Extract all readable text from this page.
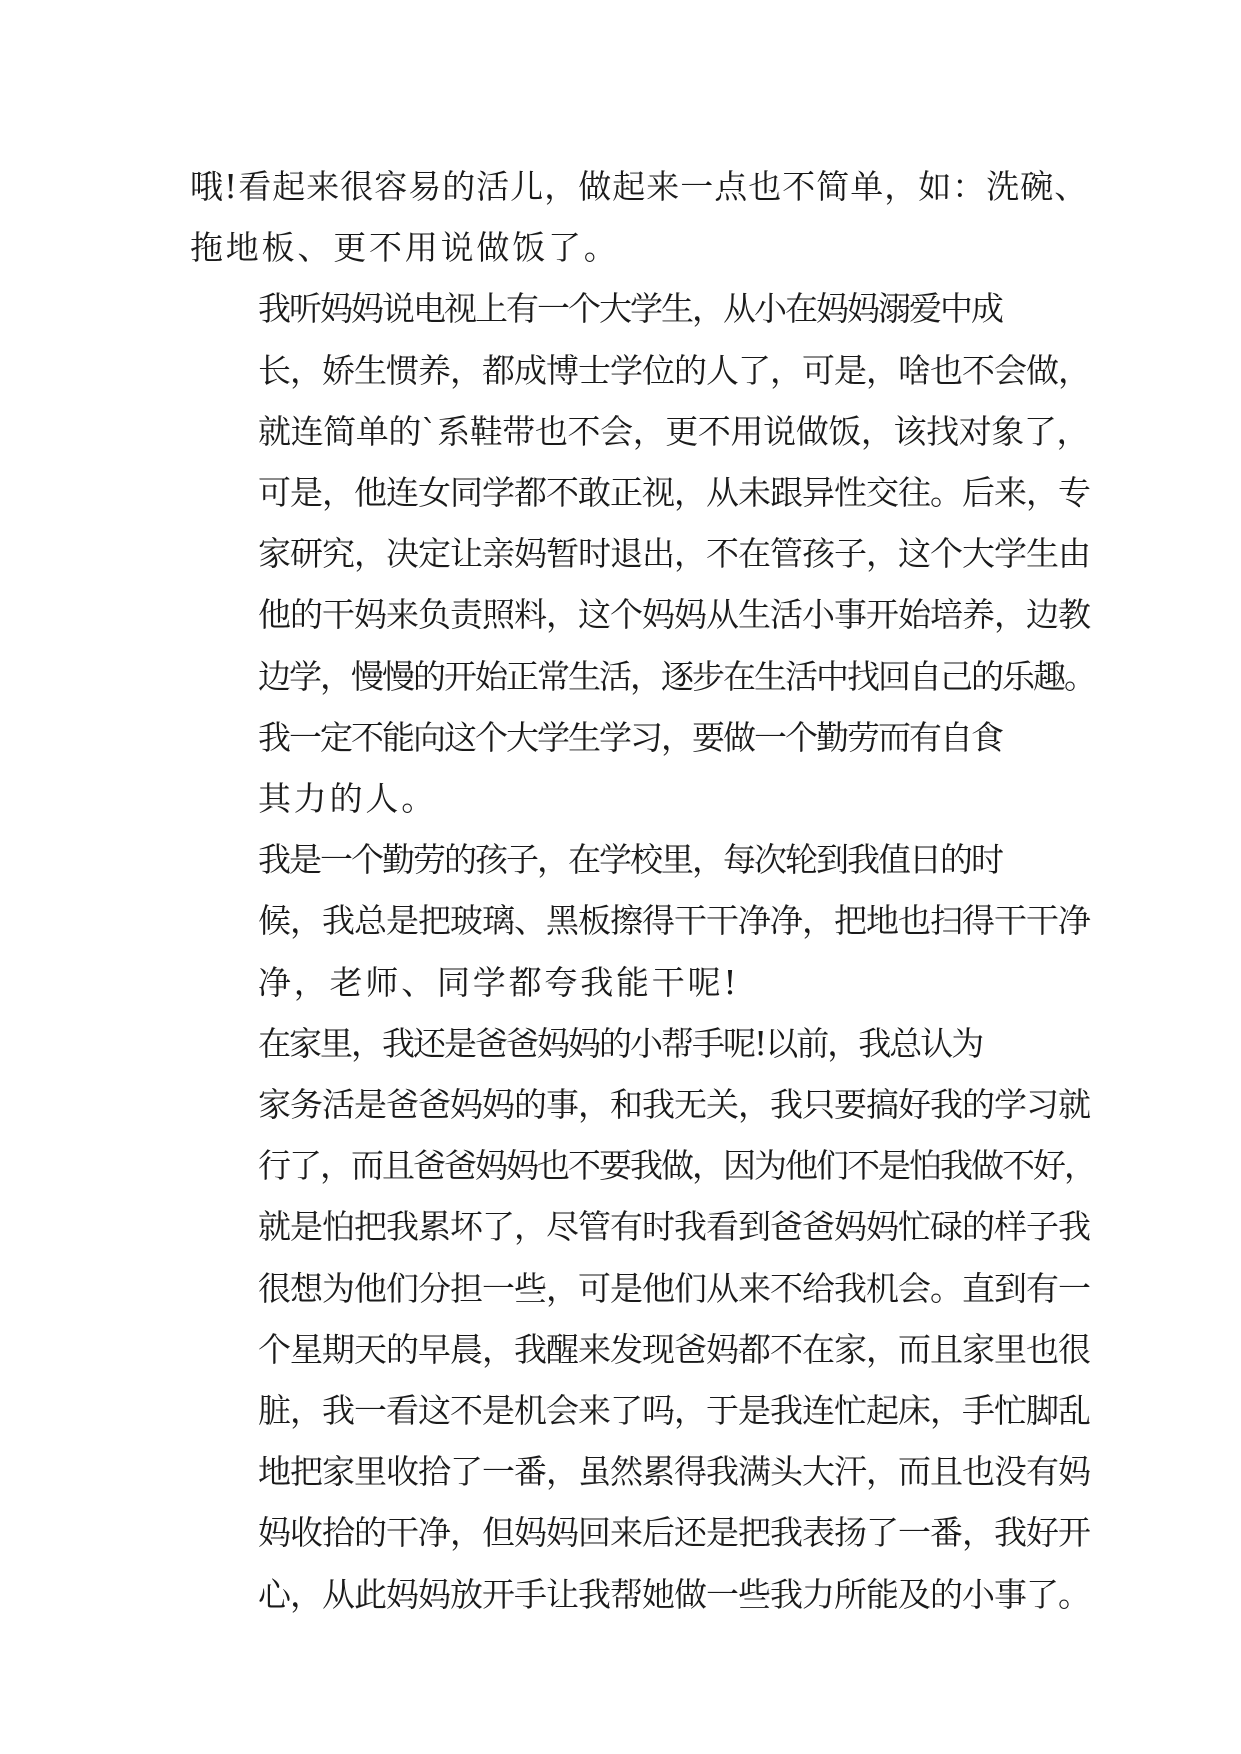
哦!看起来很容易的活儿，做起来一点也不简单，如：洗碗、
拖地板、更不用说做饭了。

我听妈妈说电视上有一个大学生，从小在妈妈溺爱中成
长，娇生惯养，都成博士学位的人了，可是，啥也不会做，
就连简单的`系鞋带也不会，更不用说做饭，该找对象了，
可是，他连女同学都不敢正视，从未跟异性交往。后来，专
家研究，决定让亲妈暂时退出，不在管孩子，这个大学生由
他的干妈来负责照料，这个妈妈从生活小事开始培养，边教
边学，慢慢的开始正常生活，逐步在生活中找回自己的乐趣。

我一定不能向这个大学生学习，要做一个勤劳而有自食
其力的人。

我是一个勤劳的孩子，在学校里，每次轮到我值日的时
候，我总是把玻璃、黑板擦得干干净净，把地也扫得干干净
净，老师、同学都夸我能干呢!

在家里，我还是爸爸妈妈的小帮手呢!以前，我总认为
家务活是爸爸妈妈的事，和我无关，我只要搞好我的学习就
行了，而且爸爸妈妈也不要我做，因为他们不是怕我做不好，
就是怕把我累坏了，尽管有时我看到爸爸妈妈忙碌的样子我
很想为他们分担一些，可是他们从来不给我机会。直到有一
个星期天的早晨，我醒来发现爸妈都不在家，而且家里也很
脏，我一看这不是机会来了吗，于是我连忙起床，手忙脚乱
地把家里收拾了一番，虽然累得我满头大汗，而且也没有妈
妈收拾的干净，但妈妈回来后还是把我表扬了一番，我好开
心，从此妈妈放开手让我帮她做一些我力所能及的小事了。
